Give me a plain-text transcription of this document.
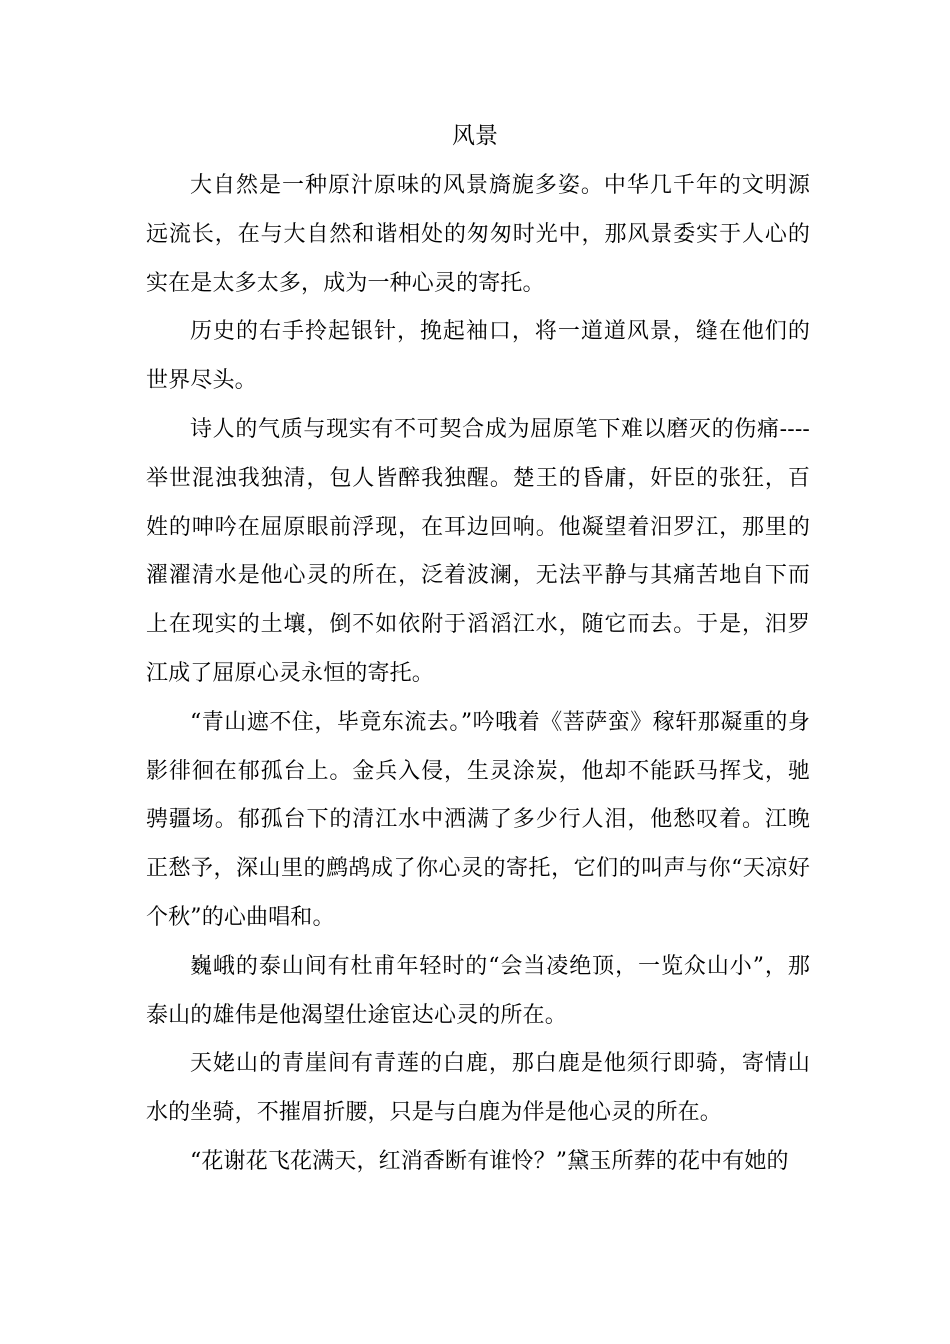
风景

大自然是一种原汁原味的风景旖旎多姿。中华几千年的文明源远流长，在与大自然和谐相处的匆匆时光中，那风景委实于人心的实在是太多太多，成为一种心灵的寄托。

历史的右手拎起银针，挽起袖口，将一道道风景，缝在他们的世界尽头。

诗人的气质与现实有不可契合成为屈原笔下难以磨灭的伤痛----举世混浊我独清，包人皆醉我独醒。楚王的昏庸，奸臣的张狂，百姓的呻吟在屈原眼前浮现，在耳边回响。他凝望着汨罗江，那里的濯濯清水是他心灵的所在，泛着波澜，无法平静与其痛苦地自下而上在现实的土壤，倒不如依附于滔滔江水，随它而去。于是，汨罗江成了屈原心灵永恒的寄托。

“青山遮不住，毕竟东流去。”吟哦着《菩萨蛮》稼轩那凝重的身影徘徊在郁孤台上。金兵入侵，生灵涂炭，他却不能跃马挥戈，驰骋疆场。郁孤台下的清江水中洒满了多少行人泪，他愁叹着。江晚正愁予，深山里的鹧鸪成了你心灵的寄托，它们的叫声与你“天凉好个秋”的心曲唱和。

巍峨的泰山间有杜甫年轻时的“会当凌绝顶，一览众山小”，那泰山的雄伟是他渴望仕途宦达心灵的所在。

天姥山的青崖间有青莲的白鹿，那白鹿是他须行即骑，寄情山水的坐骑，不摧眉折腰，只是与白鹿为伴是他心灵的所在。

“花谢花飞花满天，红消香断有谁怜？”黛玉所葬的花中有她的
